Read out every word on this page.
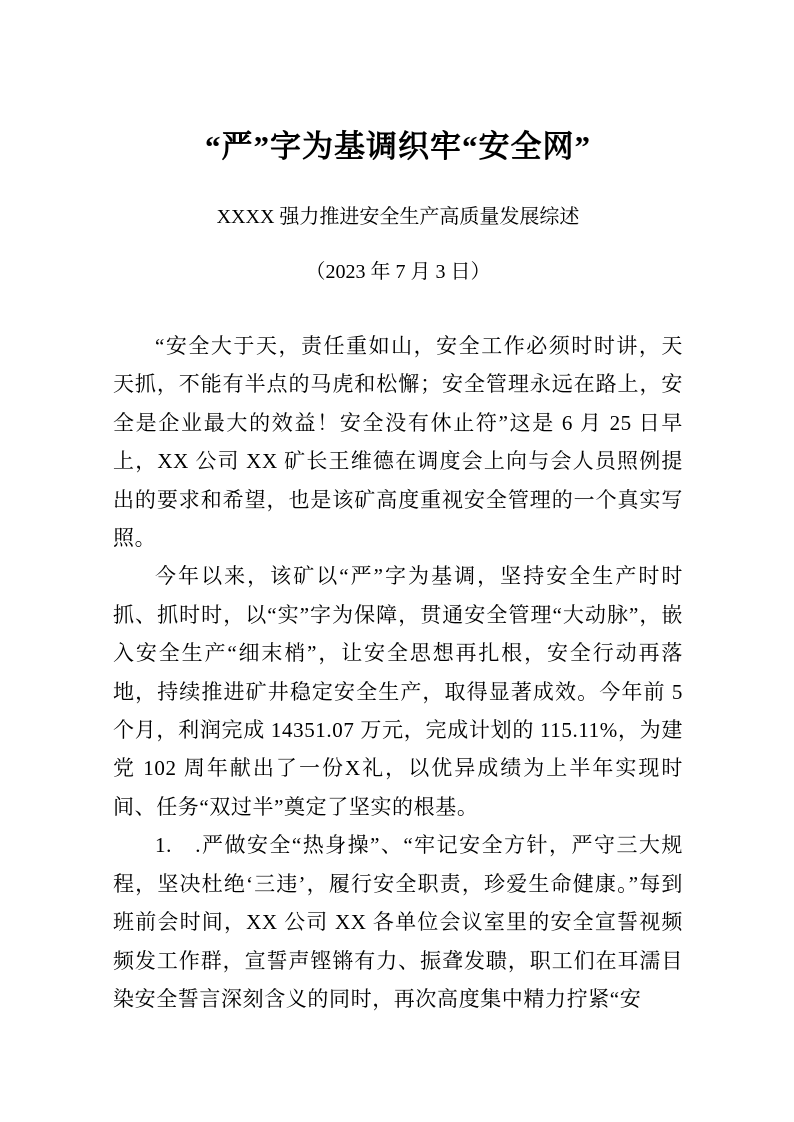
“严”字为基调织牢“安全网”
XXXX 强力推进安全生产高质量发展综述
（2023 年 7 月 3 日）

“安全大于天，责任重如山，安全工作必须时时讲，天天抓，不能有半点的马虎和松懈；安全管理永远在路上，安全是企业最大的效益！安全没有休止符”这是 6 月 25 日早上，XX 公司 XX 矿长王维德在调度会上向与会人员照例提出的要求和希望，也是该矿高度重视安全管理的一个真实写照。

今年以来，该矿以“严”字为基调，坚持安全生产时时抓、抓时时，以“实”字为保障，贯通安全管理“大动脉”，嵌入安全生产“细末梢”，让安全思想再扎根，安全行动再落地，持续推进矿井稳定安全生产，取得显著成效。今年前 5 个月，利润完成 14351.07 万元，完成计划的 115.11%，为建党 102 周年献出了一份X礼，以优异成绩为上半年实现时间、任务“双过半”奠定了坚实的根基。

1.　.严做安全“热身操”、“牢记安全方针，严守三大规程，坚决杜绝‘三违’，履行安全职责，珍爱生命健康。”每到班前会时间，XX 公司 XX 各单位会议室里的安全宣誓视频频发工作群，宣誓声铿锵有力、振聋发聩，职工们在耳濡目染安全誓言深刻含义的同时，再次高度集中精力拧紧“安
